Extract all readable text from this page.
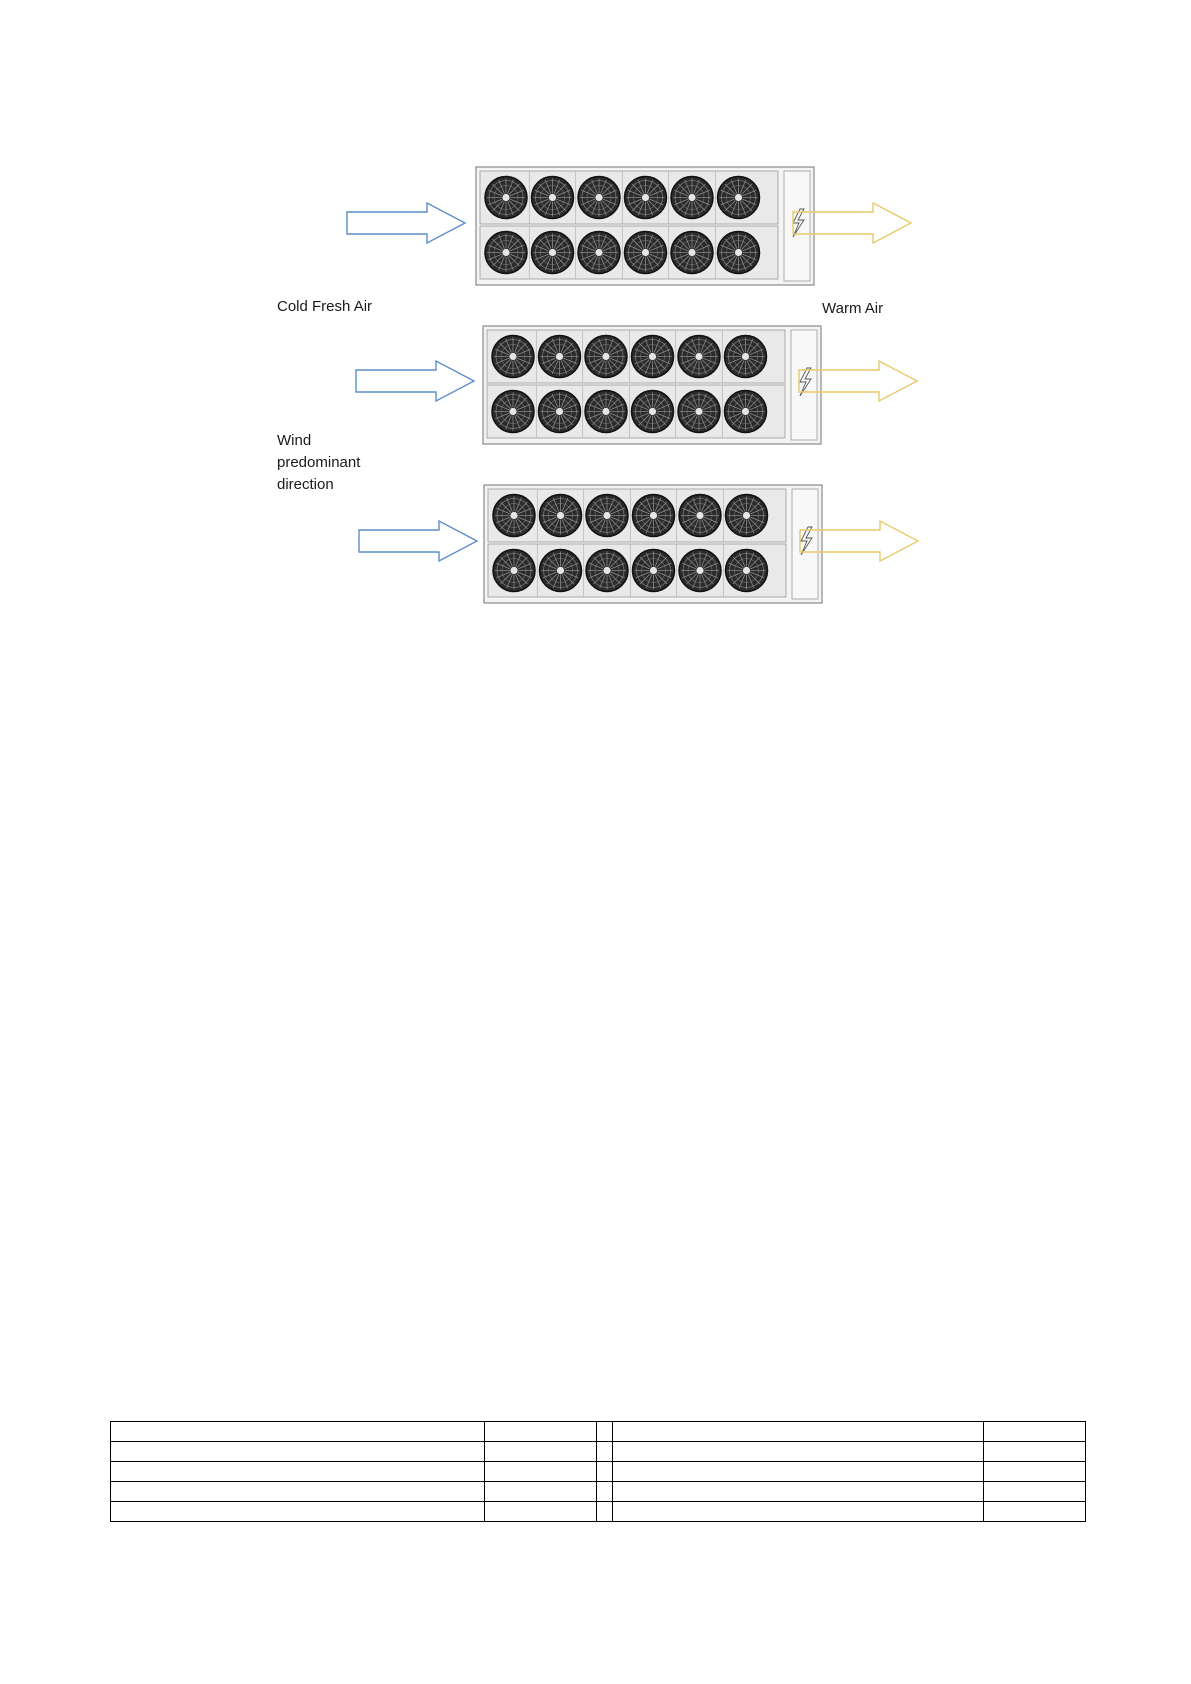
Cold Fresh Air	Warm Air
Wind
predominant
direction
